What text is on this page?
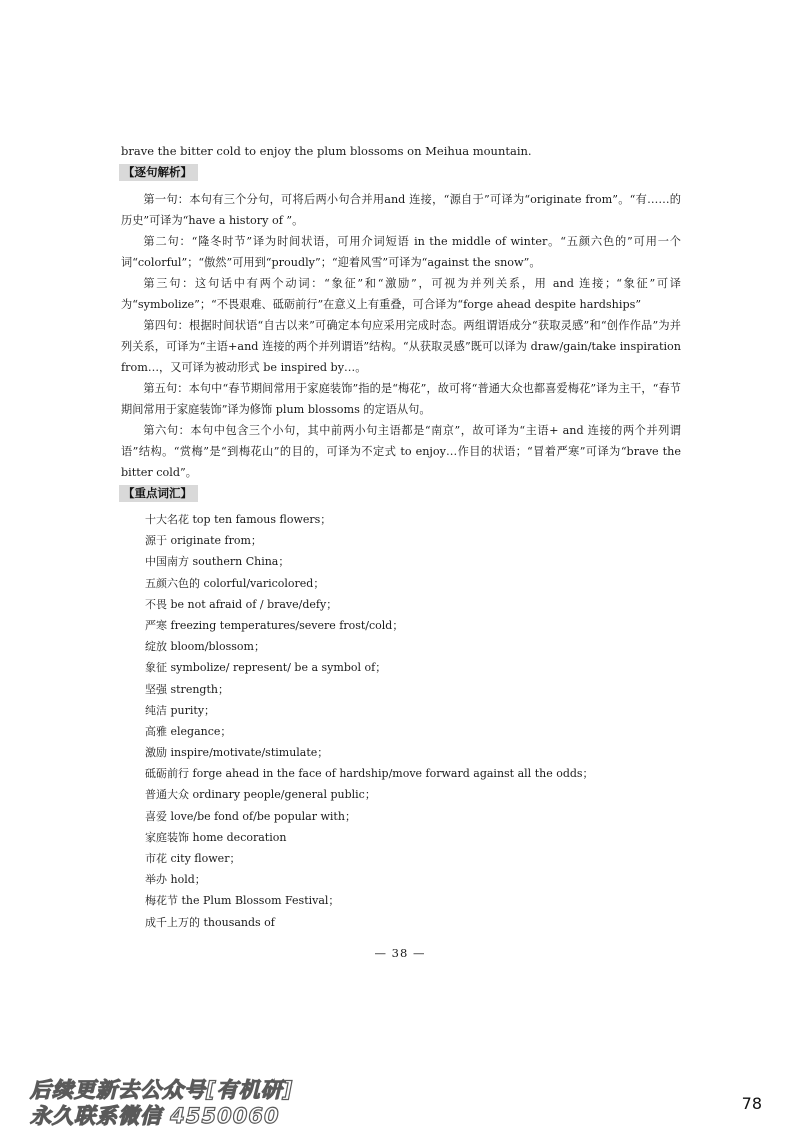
brave the bitter cold to enjoy the plum blossoms on Meihua mountain.
【逐句解析】

第一句：本句有三个分句，可将后两小句合并用and 连接，“源自于”可译为“originate from”。“有……的历史”可译为“have a history of ”。

第二句：“隆冬时节”译为时间状语，可用介词短语 in the middle of winter。“五颜六色的”可用一个词“colorful”；“傲然”可用到“proudly”；“迎着风雪”可译为“against the snow”。

第三句：这句话中有两个动词：“象征”和“激励”，可视为并列关系，用 and 连接；“象征”可译为“symbolize”；“不畏艰难、砥砺前行”在意义上有重叠，可合译为“forge ahead despite hardships”

第四句：根据时间状语“自古以来”可确定本句应采用完成时态。两组谓语成分“获取灵感”和“创作作品”为并列关系，可译为“主语+and 连接的两个并列谓语”结构。“从获取灵感”既可以译为 draw/gain/take inspiration from…，又可译为被动形式 be inspired by…。

第五句：本句中“春节期间常用于家庭装饰”指的是“梅花”，故可将“普通大众也都喜爱梅花”译为主干，“春节期间常用于家庭装饰”译为修饰 plum blossoms 的定语从句。

第六句：本句中包含三个小句，其中前两小句主语都是“南京”，故可译为“主语+ and 连接的两个并列谓语”结构。“赏梅”是“到梅花山”的目的，可译为不定式 to enjoy…作目的状语；“冒着严寒”可译为“brave the bitter cold”。

【重点词汇】
十大名花 top ten famous flowers；
源于 originate from；
中国南方 southern China；
五颜六色的 colorful/varicolored；
不畏 be not afraid of / brave/defy；
严寒 freezing temperatures/severe frost/cold；
绽放 bloom/blossom；
象征 symbolize/ represent/ be a symbol of；
坚强 strength；
纯洁 purity；
高雅 elegance；
激励 inspire/motivate/stimulate；
砥砺前行 forge ahead in the face of hardship/move forward against all the odds；
普通大众 ordinary people/general public；
喜爱 love/be fond of/be popular with；
家庭装饰 home decoration
市花 city flower；
举办 hold；
梅花节 the Plum Blossom Festival；
成千上万的 thousands of
— 38 —
后续更新去公众号[有机研]
永久联系微信 4550060
78
